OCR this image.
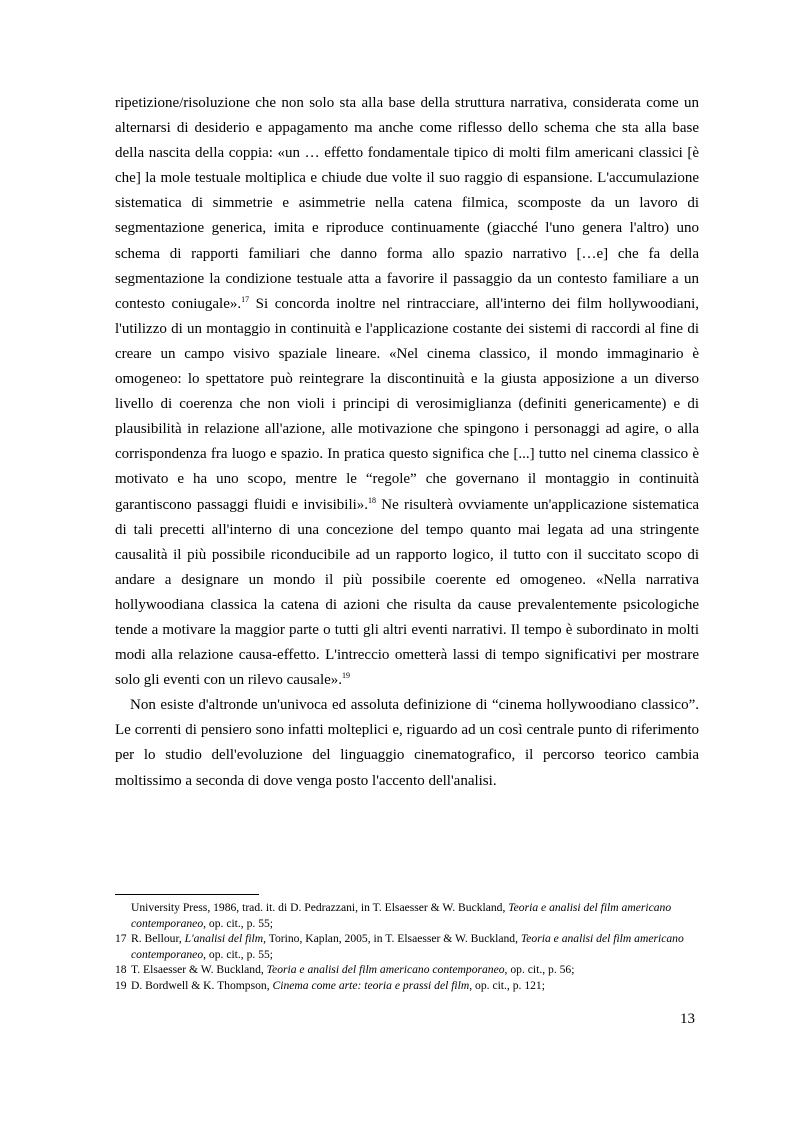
ripetizione/risoluzione che non solo sta alla base della struttura narrativa, considerata come un alternarsi di desiderio e appagamento ma anche come riflesso dello schema che sta alla base della nascita della coppia: «un … effetto fondamentale tipico di molti film americani classici [è che] la mole testuale moltiplica e chiude due volte il suo raggio di espansione. L'accumulazione sistematica di simmetrie e asimmetrie nella catena filmica, scomposte da un lavoro di segmentazione generica, imita e riproduce continuamente (giacché l'uno genera l'altro) uno schema di rapporti familiari che danno forma allo spazio narrativo […e] che fa della segmentazione la condizione testuale atta a favorire il passaggio da un contesto familiare a un contesto coniugale».$^{17}$ Si concorda inoltre nel rintracciare, all'interno dei film hollywoodiani, l'utilizzo di un montaggio in continuità e l'applicazione costante dei sistemi di raccordi al fine di creare un campo visivo spaziale lineare. «Nel cinema classico, il mondo immaginario è omogeneo: lo spettatore può reintegrare la discontinuità e la giusta apposizione a un diverso livello di coerenza che non violi i principi di verosimiglianza (definiti genericamente) e di plausibilità in relazione all'azione, alle motivazione che spingono i personaggi ad agire, o alla corrispondenza fra luogo e spazio. In pratica questo significa che [...] tutto nel cinema classico è motivato e ha uno scopo, mentre le “regole” che governano il montaggio in continuità garantiscono passaggi fluidi e invisibili».$^{18}$ Ne risulterà ovviamente un'applicazione sistematica di tali precetti all'interno di una concezione del tempo quanto mai legata ad una stringente causalità il più possibile riconducibile ad un rapporto logico, il tutto con il succitato scopo di andare a designare un mondo il più possibile coerente ed omogeneo. «Nella narrativa hollywoodiana classica la catena di azioni che risulta da cause prevalentemente psicologiche tende a motivare la maggior parte o tutti gli altri eventi narrativi. Il tempo è subordinato in molti modi alla relazione causa-effetto. L'intreccio ometterà lassi di tempo significativi per mostrare solo gli eventi con un rilevo causale».$^{19}$

Non esiste d'altronde un'univoca ed assoluta definizione di “cinema hollywoodiano classico”. Le correnti di pensiero sono infatti molteplici e, riguardo ad un così centrale punto di riferimento per lo studio dell'evoluzione del linguaggio cinematografico, il percorso teorico cambia moltissimo a seconda di dove venga posto l'accento dell'analisi.

University Press, 1986, trad. it. di D. Pedrazzani, in T. Elsaesser & W. Buckland, Teoria e analisi del film americano contemporaneo, op. cit., p. 55;
17 R. Bellour, L'analisi del film, Torino, Kaplan, 2005, in T. Elsaesser & W. Buckland, Teoria e analisi del film americano contemporaneo, op. cit., p. 55;
18 T. Elsaesser & W. Buckland, Teoria e analisi del film americano contemporaneo, op. cit., p. 56;
19 D. Bordwell & K. Thompson, Cinema come arte: teoria e prassi del film, op. cit., p. 121;
13
